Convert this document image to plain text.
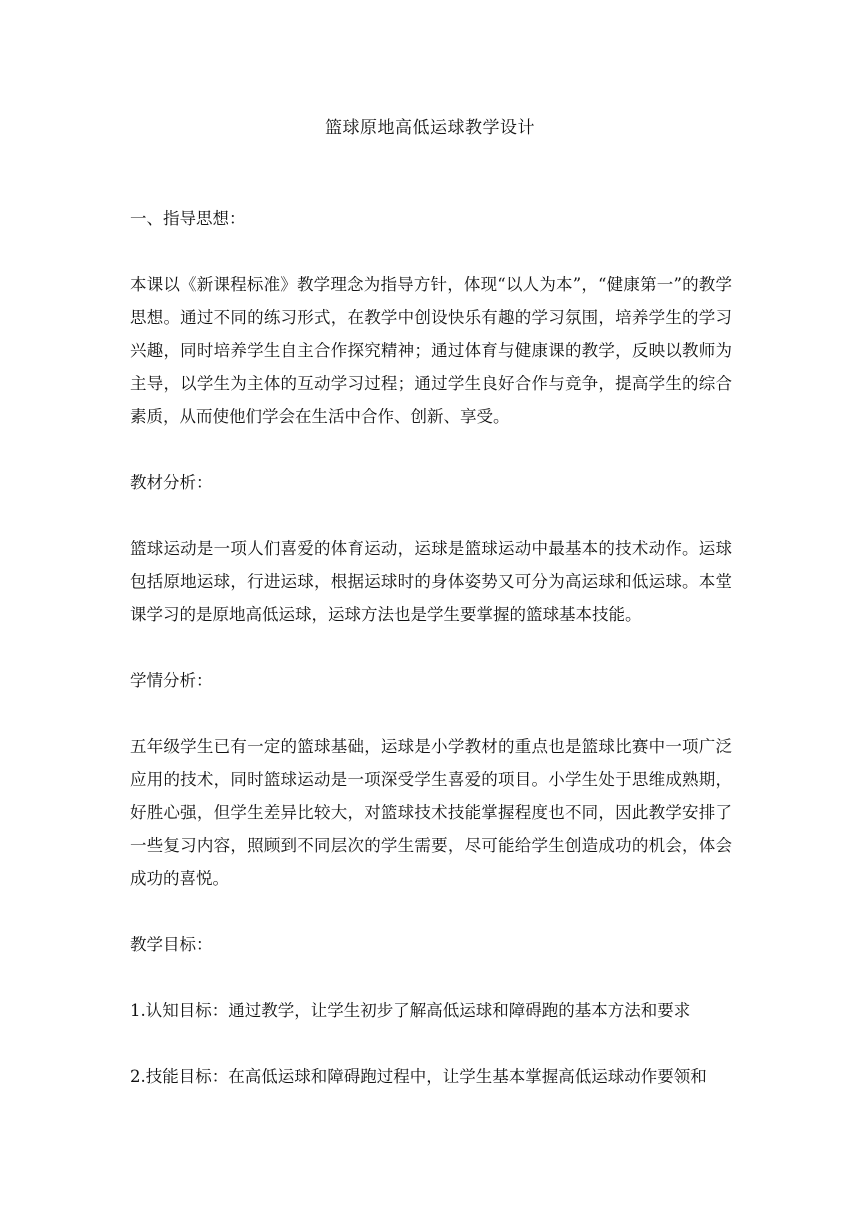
篮球原地高低运球教学设计

一、指导思想：

本课以《新课程标准》教学理念为指导方针，体现“以人为本”，“健康第一”的教学思想。通过不同的练习形式，在教学中创设快乐有趣的学习氛围，培养学生的学习兴趣，同时培养学生自主合作探究精神；通过体育与健康课的教学，反映以教师为主导，以学生为主体的互动学习过程；通过学生良好合作与竞争，提高学生的综合素质，从而使他们学会在生活中合作、创新、享受。

教材分析：

篮球运动是一项人们喜爱的体育运动，运球是篮球运动中最基本的技术动作。运球包括原地运球，行进运球，根据运球时的身体姿势又可分为高运球和低运球。本堂课学习的是原地高低运球，运球方法也是学生要掌握的篮球基本技能。

学情分析：

五年级学生已有一定的篮球基础，运球是小学教材的重点也是篮球比赛中一项广泛应用的技术，同时篮球运动是一项深受学生喜爱的项目。小学生处于思维成熟期，好胜心强，但学生差异比较大，对篮球技术技能掌握程度也不同，因此教学安排了一些复习内容，照顾到不同层次的学生需要，尽可能给学生创造成功的机会，体会成功的喜悦。

教学目标：

1.认知目标：通过教学，让学生初步了解高低运球和障碍跑的基本方法和要求

2.技能目标：在高低运球和障碍跑过程中，让学生基本掌握高低运球动作要领和
